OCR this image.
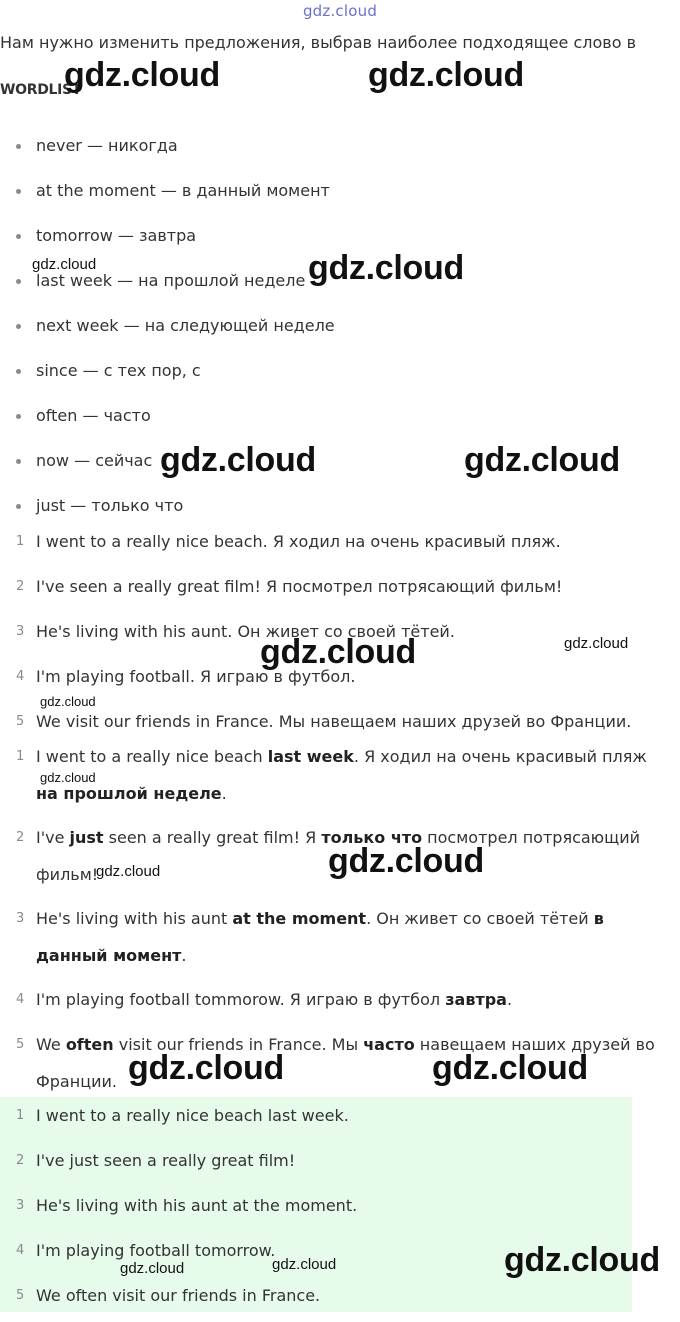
gdz.cloud
Нам нужно изменить предложения, выбрав наиболее подходящее слово в
WORDLIST
never — никогда
at the moment — в данный момент
tomorrow — завтра
last week — на прошлой неделе
next week — на следующей неделе
since — с тех пор, с
often — часто
now — сейчас
just — только что
1 I went to a really nice beach. Я ходил на очень красивый пляж.
2 I've seen a really great film! Я посмотрел потрясающий фильм!
3 He's living with his aunt. Он живет со своей тётей.
4 I'm playing football. Я играю в футбол.
5 We visit our friends in France. Мы навещаем наших друзей во Франции.
1 I went to a really nice beach last week. Я ходил на очень красивый пляж на прошлой неделе.
2 I've just seen a really great film! Я только что посмотрел потрясающий фильм!
3 He's living with his aunt at the moment. Он живет со своей тётей в данный момент.
4 I'm playing football tommorow. Я играю в футбол завтра.
5 We often visit our friends in France. Мы часто навещаем наших друзей во Франции.
1 I went to a really nice beach last week.
2 I've just seen a really great film!
3 He's living with his aunt at the moment.
4 I'm playing football tomorrow.
5 We often visit our friends in France.
gdz.cloud	gdz.cloud
gdz.cloud	gdz.cloud
gdz.cloud	gdz.cloud
gdz.cloud
gdz.cloud
gdz.cloud
gdz.cloud
gdz.cloud
gdz.cloud
gdz.cloud	gdz.cloud
gdz.cloud
gdz.cloud	gdz.cloud
